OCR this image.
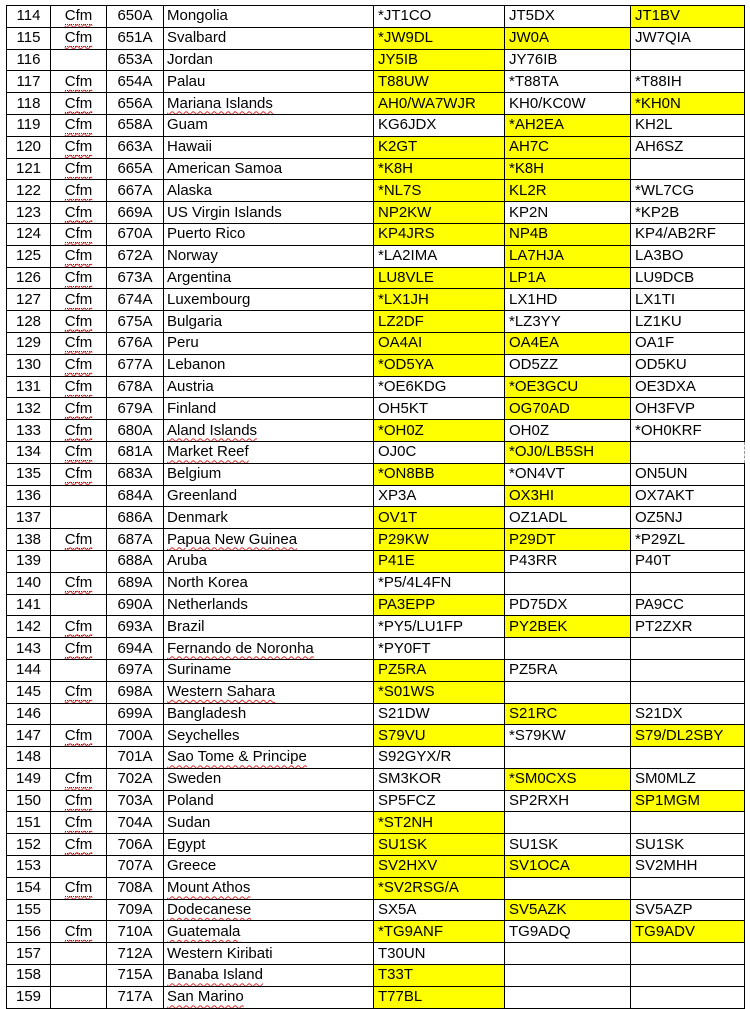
114	Cfm	650A	Mongolia	*JT1CO	JT5DX	JT1BV
115	Cfm	651A	Svalbard	*JW9DL	JW0A	JW7QIA
116		653A	Jordan	JY5IB	JY76IB	
117	Cfm	654A	Palau	T88UW	*T88TA	*T88IH
118	Cfm	656A	Mariana Islands	AH0/WA7WJR	KH0/KC0W	*KH0N
119	Cfm	658A	Guam	KG6JDX	*AH2EA	KH2L
120	Cfm	663A	Hawaii	K2GT	AH7C	AH6SZ
121	Cfm	665A	American Samoa	*K8H	*K8H	
122	Cfm	667A	Alaska	*NL7S	KL2R	*WL7CG
123	Cfm	669A	US Virgin Islands	NP2KW	KP2N	*KP2B
124	Cfm	670A	Puerto Rico	KP4JRS	NP4B	KP4/AB2RF
125	Cfm	672A	Norway	*LA2IMA	LA7HJA	LA3BO
126	Cfm	673A	Argentina	LU8VLE	LP1A	LU9DCB
127	Cfm	674A	Luxembourg	*LX1JH	LX1HD	LX1TI
128	Cfm	675A	Bulgaria	LZ2DF	*LZ3YY	LZ1KU
129	Cfm	676A	Peru	OA4AI	OA4EA	OA1F
130	Cfm	677A	Lebanon	*OD5YA	OD5ZZ	OD5KU
131	Cfm	678A	Austria	*OE6KDG	*OE3GCU	OE3DXA
132	Cfm	679A	Finland	OH5KT	OG70AD	OH3FVP
133	Cfm	680A	Aland Islands	*OH0Z	OH0Z	*OH0KRF
134	Cfm	681A	Market Reef	OJ0C	*OJ0/LB5SH	
135	Cfm	683A	Belgium	*ON8BB	*ON4VT	ON5UN
136		684A	Greenland	XP3A	OX3HI	OX7AKT
137		686A	Denmark	OV1T	OZ1ADL	OZ5NJ
138	Cfm	687A	Papua New Guinea	P29KW	P29DT	*P29ZL
139		688A	Aruba	P41E	P43RR	P40T
140	Cfm	689A	North Korea	*P5/4L4FN		
141		690A	Netherlands	PA3EPP	PD75DX	PA9CC
142	Cfm	693A	Brazil	*PY5/LU1FP	PY2BEK	PT2ZXR
143	Cfm	694A	Fernando de Noronha	*PY0FT		
144		697A	Suriname	PZ5RA	PZ5RA	
145	Cfm	698A	Western Sahara	*S01WS		
146		699A	Bangladesh	S21DW	S21RC	S21DX
147	Cfm	700A	Seychelles	S79VU	*S79KW	S79/DL2SBY
148		701A	Sao Tome & Principe	S92GYX/R		
149	Cfm	702A	Sweden	SM3KOR	*SM0CXS	SM0MLZ
150	Cfm	703A	Poland	SP5FCZ	SP2RXH	SP1MGM
151	Cfm	704A	Sudan	*ST2NH		
152	Cfm	706A	Egypt	SU1SK	SU1SK	SU1SK
153		707A	Greece	SV2HXV	SV1OCA	SV2MHH
154	Cfm	708A	Mount Athos	*SV2RSG/A		
155		709A	Dodecanese	SX5A	SV5AZK	SV5AZP
156	Cfm	710A	Guatemala	*TG9ANF	TG9ADQ	TG9ADV
157		712A	Western Kiribati	T30UN		
158		715A	Banaba Island	T33T		
159		717A	San Marino	T77BL		
